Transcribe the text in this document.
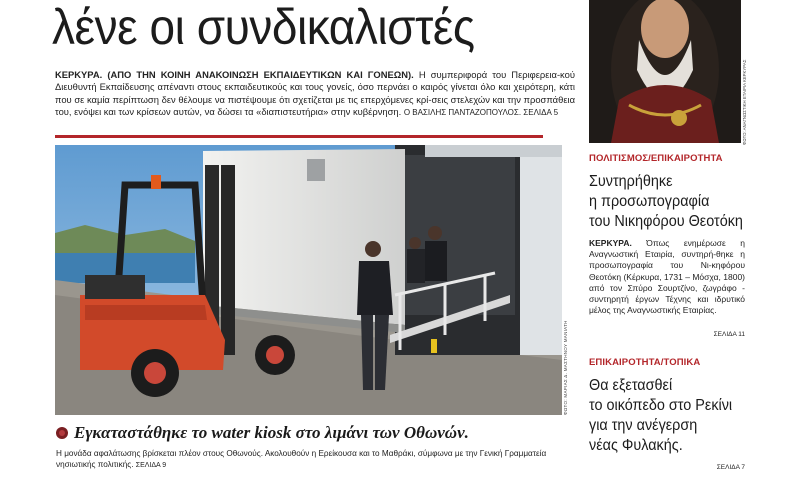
λένε οι συνδικαλιστές
ΚΕΡΚΥΡΑ. (ΑΠΟ ΤΗΝ ΚΟΙΝΗ ΑΝΑΚΟΙΝΩΣΗ ΕΚΠΑΙΔΕΥΤΙΚΩΝ ΚΑΙ ΓΟΝΕΩΝ). Η συμπεριφορά του Περιφερεια-κού Διευθυντή Εκπαίδευσης απέναντι στους εκπαιδευτικούς και τους γονείς, όσο περνάει ο καιρός γίνεται όλο και χειρότερη, κάτι που σε καμία περίπτωση δεν θέλουμε να πιστέψουμε ότι σχετίζεται με τις επερχόμενες κρί-σεις στελεχών και την προσπάθεια του, ενόψει και των κρίσεων αυτών, να δώσει τα «διαπιστευτήρια» στην κυβέρνηση. Ο ΒΑΣΙΛΗΣ ΠΑΝΤΑΖΟΠΟΥΛΟΣ. ΣΕΛΙΔΑ 5
ΦΩΤΟ: ΜΑΡΙΑΣ Δ. ΜΑΣΤΗΝΟΥ ΜΑΝΙΑΤΗ
Εγκαταστάθηκε το water kiosk στο λιμάνι των Οθωνών.
Η μονάδα αφαλάτωσης βρίσκεται πλέον στους Οθωνούς. Ακολουθούν η Ερείκουσα και το Μαθράκι, σύμφωνα με την Γενική Γραμματεία νησιωτικής πολιτικής. ΣΕΛΙΔΑ 9
ΦΩΤΟ: ΑΝΑΓΝΩΣΤΙΚΗ ΕΤΑΙΡΙΑ ΚΕΡΚΥΡΑΣ
ΠΟΛΙΤΙΣΜΟΣ/ΕΠΙΚΑΙΡΟΤΗΤΑ
Συντηρήθηκε
η προσωπογραφία
του Νικηφόρου Θεοτόκη
ΚΕΡΚΥΡΑ. Όπως ενημέρωσε η Αναγνωστική Εταιρία, συντηρή-θηκε η προσωπογραφία του Νι-κηφόρου Θεοτόκη (Κέρκυρα, 1731 – Μόσχα, 1800) από τον Σπύρο Σουρτζίνο, ζωγράφο - συντηρητή έργων Τέχνης και ιδρυτικό μέλος της Αναγνωστικής Εταιρίας.
ΣΕΛΙΔΑ 11
ΕΠΙΚΑΙΡΟΤΗΤΑ/ΤΟΠΙΚΑ
Θα εξετασθεί
το οικόπεδο στο Ρεκίνι
για την ανέγερση
νέας Φυλακής.
ΣΕΛΙΔΑ 7
